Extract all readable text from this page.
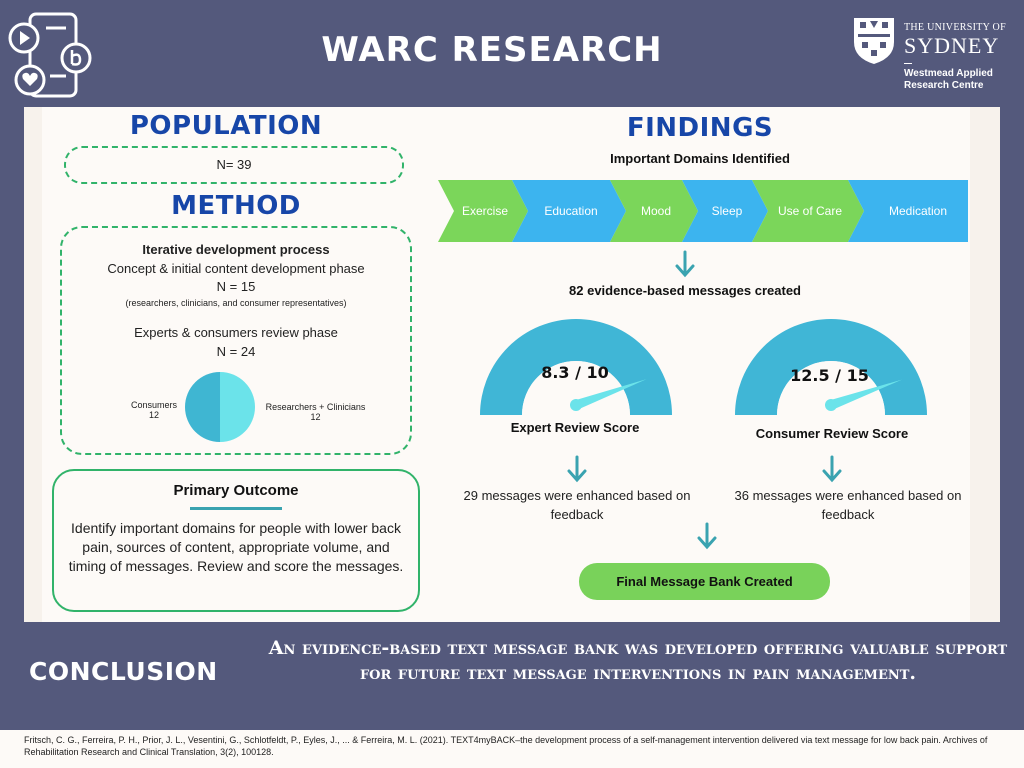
WARC RESEARCH
THE UNIVERSITY OF
SYDNEY
Westmead Applied Research Centre
POPULATION
N= 39
METHOD
Iterative development process
Concept & initial content development phase
N = 15
(researchers, clinicians, and consumer representatives)
Experts & consumers review phase
N = 24
Consumers
12
Researchers + Clinicians
12
Primary Outcome
Identify important domains for people with lower back pain, sources of content, appropriate volume, and timing of messages. Review and score the messages.
FINDINGS
Important Domains Identified
Exercise	Education	Mood	Sleep	Use of Care	Medication
82 evidence-based messages created
8.3 / 10	12.5 / 15
Expert Review Score	Consumer Review Score
29 messages were enhanced based on feedback
36 messages were enhanced based on feedback
Final Message Bank Created
CONCLUSION
An evidence-based text message bank was developed offering valuable support for future text message interventions in pain management.
Fritsch, C. G., Ferreira, P. H., Prior, J. L., Vesentini, G., Schlotfeldt, P., Eyles, J., ... & Ferreira, M. L. (2021). TEXT4myBACK–the development process of a self-management intervention delivered via text message for low back pain. Archives of Rehabilitation Research and Clinical Translation, 3(2), 100128.
